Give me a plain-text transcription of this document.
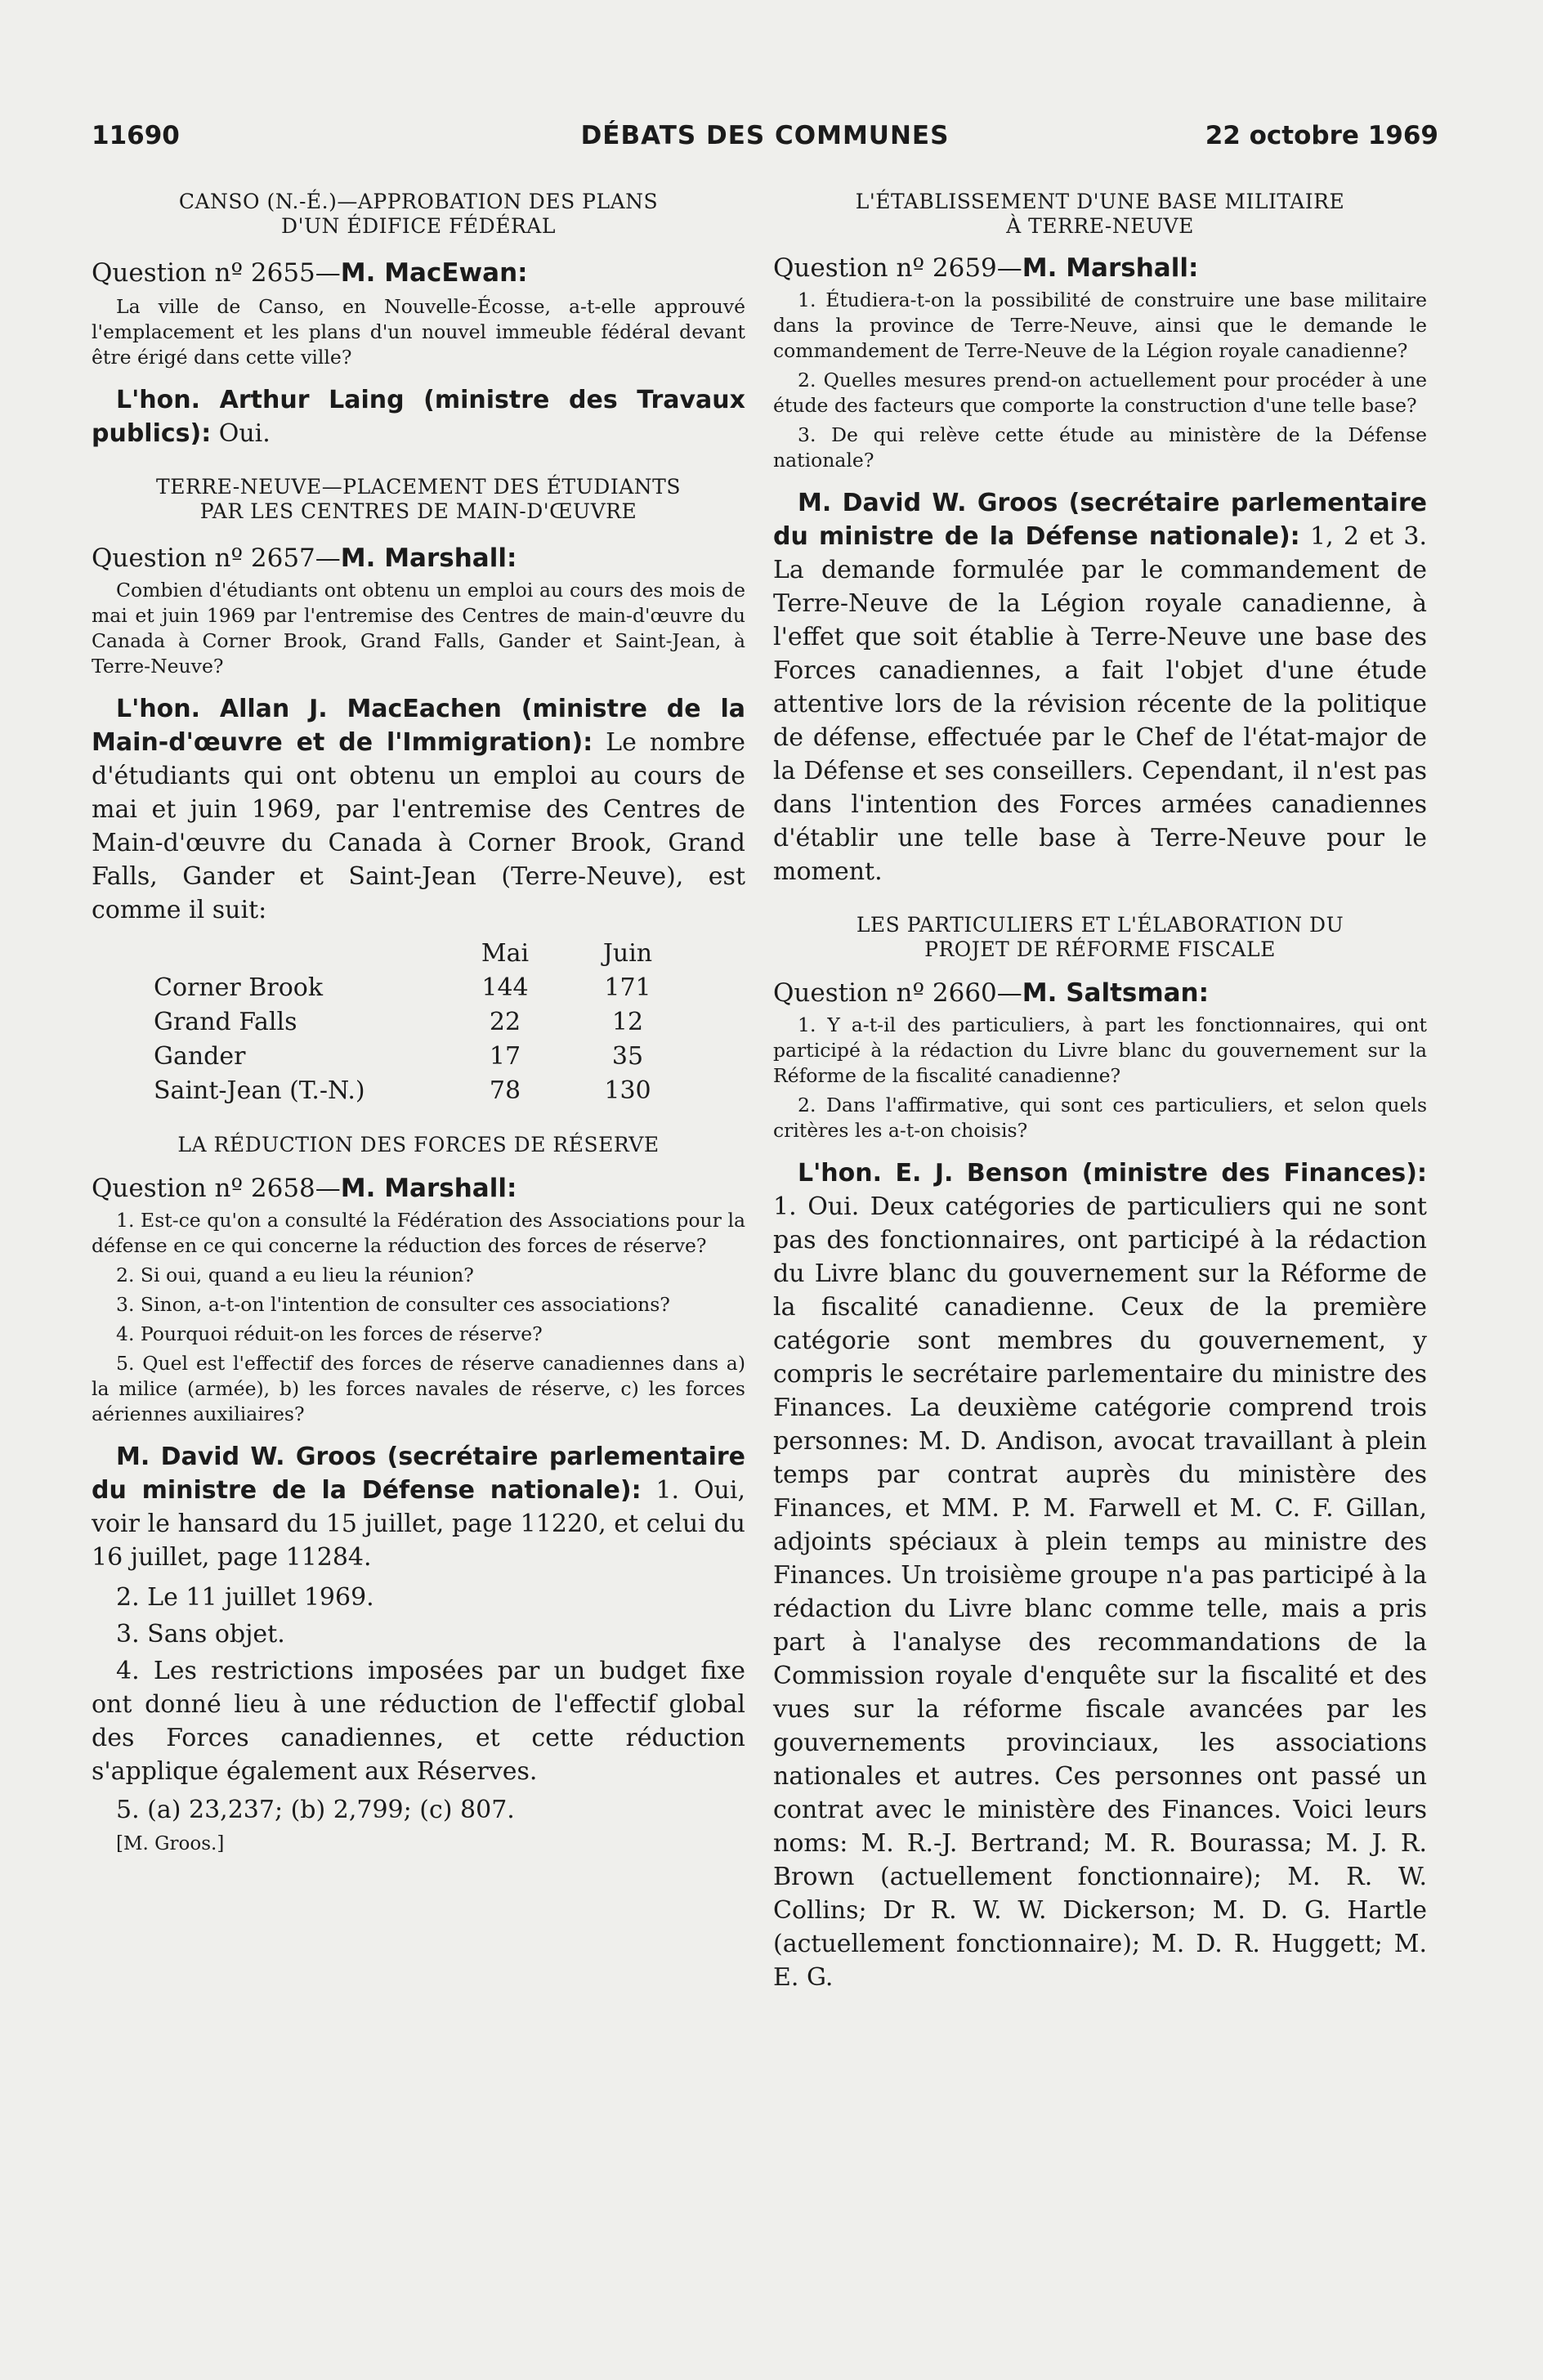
11690	DÉBATS DES COMMUNES	22 octobre 1969
CANSO (N.-É.)—APPROBATION DES PLANS
D'UN ÉDIFICE FÉDÉRAL

Question nº 2655—M. MacEwan:

La ville de Canso, en Nouvelle-Écosse, a-t-elle approuvé l'emplacement et les plans d'un nouvel immeuble fédéral devant être érigé dans cette ville?

L'hon. Arthur Laing (ministre des Travaux publics): Oui.

TERRE-NEUVE—PLACEMENT DES ÉTUDIANTS
PAR LES CENTRES DE MAIN-D'ŒUVRE

Question nº 2657—M. Marshall:

Combien d'étudiants ont obtenu un emploi au cours des mois de mai et juin 1969 par l'entremise des Centres de main-d'œuvre du Canada à Corner Brook, Grand Falls, Gander et Saint-Jean, à Terre-Neuve?

L'hon. Allan J. MacEachen (ministre de la Main-d'œuvre et de l'Immigration): Le nombre d'étudiants qui ont obtenu un emploi au cours de mai et juin 1969, par l'entremise des Centres de Main-d'œuvre du Canada à Corner Brook, Grand Falls, Gander et Saint-Jean (Terre-Neuve), est comme il suit:

	Mai	Juin
Corner Brook	144	171
Grand Falls	22	12
Gander	17	35
Saint-Jean (T.-N.)	78	130
LA RÉDUCTION DES FORCES DE RÉSERVE

Question nº 2658—M. Marshall:

1. Est-ce qu'on a consulté la Fédération des Associations pour la défense en ce qui concerne la réduction des forces de réserve?

2. Si oui, quand a eu lieu la réunion?

3. Sinon, a-t-on l'intention de consulter ces associations?

4. Pourquoi réduit-on les forces de réserve?

5. Quel est l'effectif des forces de réserve canadiennes dans a) la milice (armée), b) les forces navales de réserve, c) les forces aériennes auxiliaires?

M. David W. Groos (secrétaire parlementaire du ministre de la Défense nationale): 1. Oui, voir le hansard du 15 juillet, page 11220, et celui du 16 juillet, page 11284.

2. Le 11 juillet 1969.

3. Sans objet.

4. Les restrictions imposées par un budget fixe ont donné lieu à une réduction de l'effectif global des Forces canadiennes, et cette réduction s'applique également aux Réserves.

5. (a) 23,237; (b) 2,799; (c) 807.

[M. Groos.]

L'ÉTABLISSEMENT D'UNE BASE MILITAIRE
À TERRE-NEUVE

Question nº 2659—M. Marshall:

1. Étudiera-t-on la possibilité de construire une base militaire dans la province de Terre-Neuve, ainsi que le demande le commandement de Terre-Neuve de la Légion royale canadienne?

2. Quelles mesures prend-on actuellement pour procéder à une étude des facteurs que comporte la construction d'une telle base?

3. De qui relève cette étude au ministère de la Défense nationale?

M. David W. Groos (secrétaire parlementaire du ministre de la Défense nationale): 1, 2 et 3. La demande formulée par le commandement de Terre-Neuve de la Légion royale canadienne, à l'effet que soit établie à Terre-Neuve une base des Forces canadiennes, a fait l'objet d'une étude attentive lors de la révision récente de la politique de défense, effectuée par le Chef de l'état-major de la Défense et ses conseillers. Cependant, il n'est pas dans l'intention des Forces armées canadiennes d'établir une telle base à Terre-Neuve pour le moment.

LES PARTICULIERS ET L'ÉLABORATION DU
PROJET DE RÉFORME FISCALE

Question nº 2660—M. Saltsman:

1. Y a-t-il des particuliers, à part les fonctionnaires, qui ont participé à la rédaction du Livre blanc du gouvernement sur la Réforme de la fiscalité canadienne?

2. Dans l'affirmative, qui sont ces particuliers, et selon quels critères les a-t-on choisis?

L'hon. E. J. Benson (ministre des Finances): 1. Oui. Deux catégories de particuliers qui ne sont pas des fonctionnaires, ont participé à la rédaction du Livre blanc du gouvernement sur la Réforme de la fiscalité canadienne. Ceux de la première catégorie sont membres du gouvernement, y compris le secrétaire parlementaire du ministre des Finances. La deuxième catégorie comprend trois personnes: M. D. Andison, avocat travaillant à plein temps par contrat auprès du ministère des Finances, et MM. P. M. Farwell et M. C. F. Gillan, adjoints spéciaux à plein temps au ministre des Finances. Un troisième groupe n'a pas participé à la rédaction du Livre blanc comme telle, mais a pris part à l'analyse des recommandations de la Commission royale d'enquête sur la fiscalité et des vues sur la réforme fiscale avancées par les gouvernements provinciaux, les associations nationales et autres. Ces personnes ont passé un contrat avec le ministère des Finances. Voici leurs noms: M. R.-J. Bertrand; M. R. Bourassa; M. J. R. Brown (actuellement fonctionnaire); M. R. W. Collins; Dr R. W. W. Dickerson; M. D. G. Hartle (actuellement fonctionnaire); M. D. R. Huggett; M. E. G.
